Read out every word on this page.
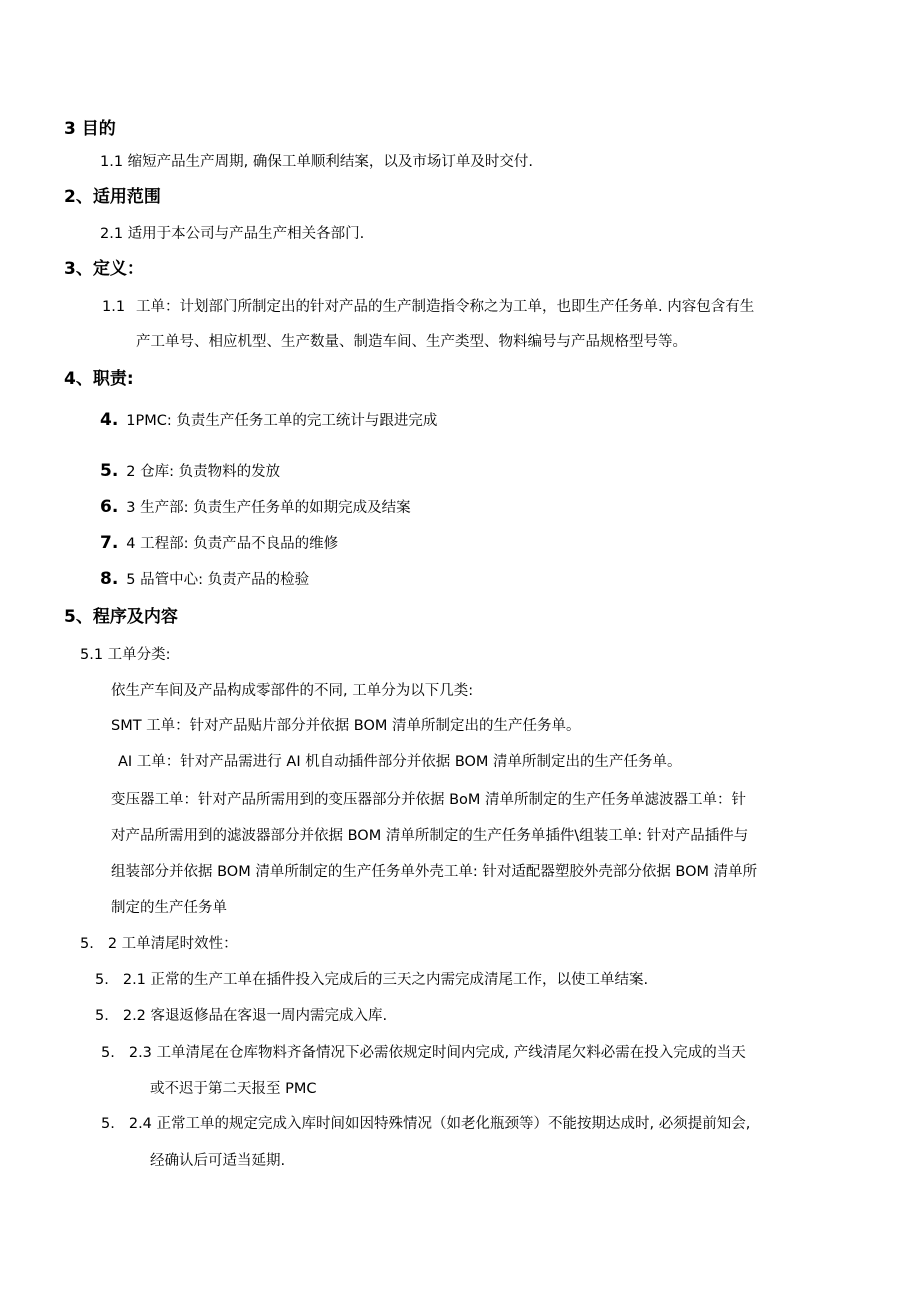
3 目的
1.1 缩短产品生产周期, 确保工单顺利结案，以及市场订单及时交付.
2、适用范围
2.1 适用于本公司与产品生产相关各部门.
3、定义：
1.1 工单：计划部门所制定出的针对产品的生产制造指令称之为工单，也即生产任务单. 内容包含有生
产工单号、相应机型、生产数量、制造车间、生产类型、物料编号与产品规格型号等。
4、职责:
4. 1PMC: 负责生产任务工单的完工统计与跟进完成
5. 2 仓库: 负责物料的发放
6. 3 生产部: 负责生产任务单的如期完成及结案
7. 4 工程部: 负责产品不良品的维修
8. 5 品管中心: 负责产品的检验
5、程序及内容
5.1 工单分类:
依生产车间及产品构成零部件的不同, 工单分为以下几类:
SMT 工单：针对产品贴片部分并依据 BOM 清单所制定出的生产任务单。
AI 工单：针对产品需进行 AI 机自动插件部分并依据 BOM 清单所制定出的生产任务单。
变压器工单：针对产品所需用到的变压器部分并依据 BoM 清单所制定的生产任务单滤波器工单：针
对产品所需用到的滤波器部分并依据 BOM 清单所制定的生产任务单插件\组装工单: 针对产品插件与
组装部分并依据 BOM 清单所制定的生产任务单外壳工单: 针对适配器塑胶外壳部分依据 BOM 清单所
制定的生产任务单
5. 2 工单清尾时效性：
5. 2.1 正常的生产工单在插件投入完成后的三天之内需完成清尾工作，以使工单结案.
5. 2.2 客退返修品在客退一周内需完成入库.
5. 2.3 工单清尾在仓库物料齐备情况下必需依规定时间内完成, 产线清尾欠料必需在投入完成的当天
或不迟于第二天报至 PMC
5. 2.4 正常工单的规定完成入库时间如因特殊情况（如老化瓶颈等）不能按期达成时, 必须提前知会,
经确认后可适当延期.
